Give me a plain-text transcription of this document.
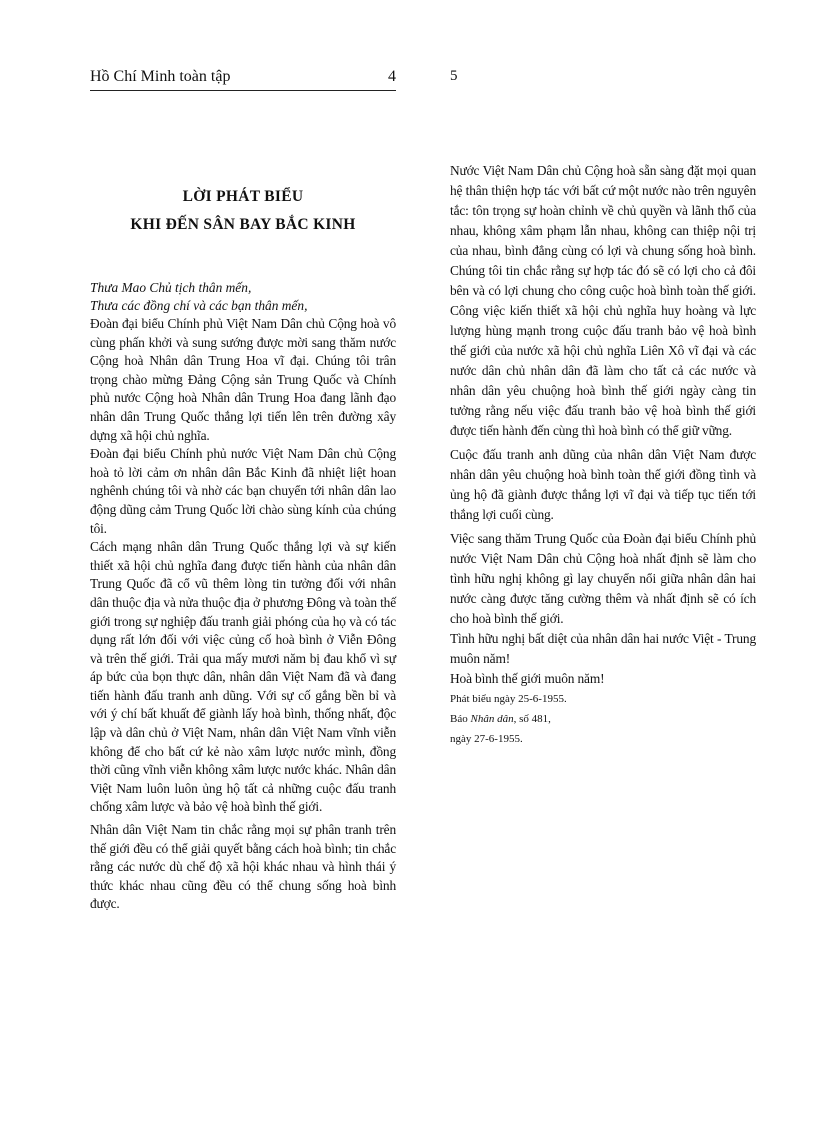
Hồ Chí Minh toàn tập	4
LỜI PHÁT BIỂU
KHI ĐẾN SÂN BAY BẮC KINH
Thưa Mao Chủ tịch thân mến,
Thưa các đồng chí và các bạn thân mến,

Đoàn đại biểu Chính phủ Việt Nam Dân chủ Cộng hoà vô cùng phấn khởi và sung sướng được mời sang thăm nước Cộng hoà Nhân dân Trung Hoa vĩ đại. Chúng tôi trân trọng chào mừng Đảng Cộng sản Trung Quốc và Chính phủ nước Cộng hoà Nhân dân Trung Hoa đang lãnh đạo nhân dân Trung Quốc thắng lợi tiến lên trên đường xây dựng xã hội chủ nghĩa.

Đoàn đại biểu Chính phủ nước Việt Nam Dân chủ Cộng hoà tỏ lời cảm ơn nhân dân Bắc Kinh đã nhiệt liệt hoan nghênh chúng tôi và nhờ các bạn chuyển tới nhân dân lao động dũng cảm Trung Quốc lời chào sùng kính của chúng tôi.

Cách mạng nhân dân Trung Quốc thắng lợi và sự kiến thiết xã hội chủ nghĩa đang được tiến hành của nhân dân Trung Quốc đã cổ vũ thêm lòng tin tưởng đối với nhân dân thuộc địa và nửa thuộc địa ở phương Đông và toàn thế giới trong sự nghiệp đấu tranh giải phóng của họ và có tác dụng rất lớn đối với việc củng cố hoà bình ở Viễn Đông và trên thế giới. Trải qua mấy mươi năm bị đau khổ vì sự áp bức của bọn thực dân, nhân dân Việt Nam đã và đang tiến hành đấu tranh anh dũng. Với sự cố gắng bền bỉ và với ý chí bất khuất để giành lấy hoà bình, thống nhất, độc lập và dân chủ ở Việt Nam, nhân dân Việt Nam vĩnh viễn không để cho bất cứ kẻ nào xâm lược nước mình, đồng thời cũng vĩnh viễn không xâm lược nước khác. Nhân dân Việt Nam luôn luôn ủng hộ tất cả những cuộc đấu tranh chống xâm lược và bảo vệ hoà bình thế giới.

Nhân dân Việt Nam tin chắc rằng mọi sự phân tranh trên thế giới đều có thể giải quyết bằng cách hoà bình; tin chắc rằng các nước dù chế độ xã hội khác nhau và hình thái ý thức khác nhau cũng đều có thể chung sống hoà bình được.

5

Nước Việt Nam Dân chủ Cộng hoà sẵn sàng đặt mọi quan hệ thân thiện hợp tác với bất cứ một nước nào trên nguyên tắc: tôn trọng sự hoàn chỉnh về chủ quyền và lãnh thổ của nhau, không xâm phạm lẫn nhau, không can thiệp nội trị của nhau, bình đẳng cùng có lợi và chung sống hoà bình. Chúng tôi tin chắc rằng sự hợp tác đó sẽ có lợi cho cả đôi bên và có lợi chung cho công cuộc hoà bình toàn thế giới. Công việc kiến thiết xã hội chủ nghĩa huy hoàng và lực lượng hùng mạnh trong cuộc đấu tranh bảo vệ hoà bình thế giới của nước xã hội chủ nghĩa Liên Xô vĩ đại và các nước dân chủ nhân dân đã làm cho tất cả các nước và nhân dân yêu chuộng hoà bình thế giới ngày càng tin tưởng rằng nếu việc đấu tranh bảo vệ hoà bình thế giới được tiến hành đến cùng thì hoà bình có thể giữ vững.

Cuộc đấu tranh anh dũng của nhân dân Việt Nam được nhân dân yêu chuộng hoà bình toàn thế giới đồng tình và ủng hộ đã giành được thắng lợi vĩ đại và tiếp tục tiến tới thắng lợi cuối cùng.

Việc sang thăm Trung Quốc của Đoàn đại biểu Chính phủ nước Việt Nam Dân chủ Cộng hoà nhất định sẽ làm cho tình hữu nghị không gì lay chuyển nổi giữa nhân dân hai nước càng được tăng cường thêm và nhất định sẽ có ích cho hoà bình thế giới.

Tình hữu nghị bất diệt của nhân dân hai nước Việt - Trung muôn năm!

Hoà bình thế giới muôn năm!

Phát biểu ngày 25-6-1955.
Báo Nhân dân, số 481,
ngày 27-6-1955.
